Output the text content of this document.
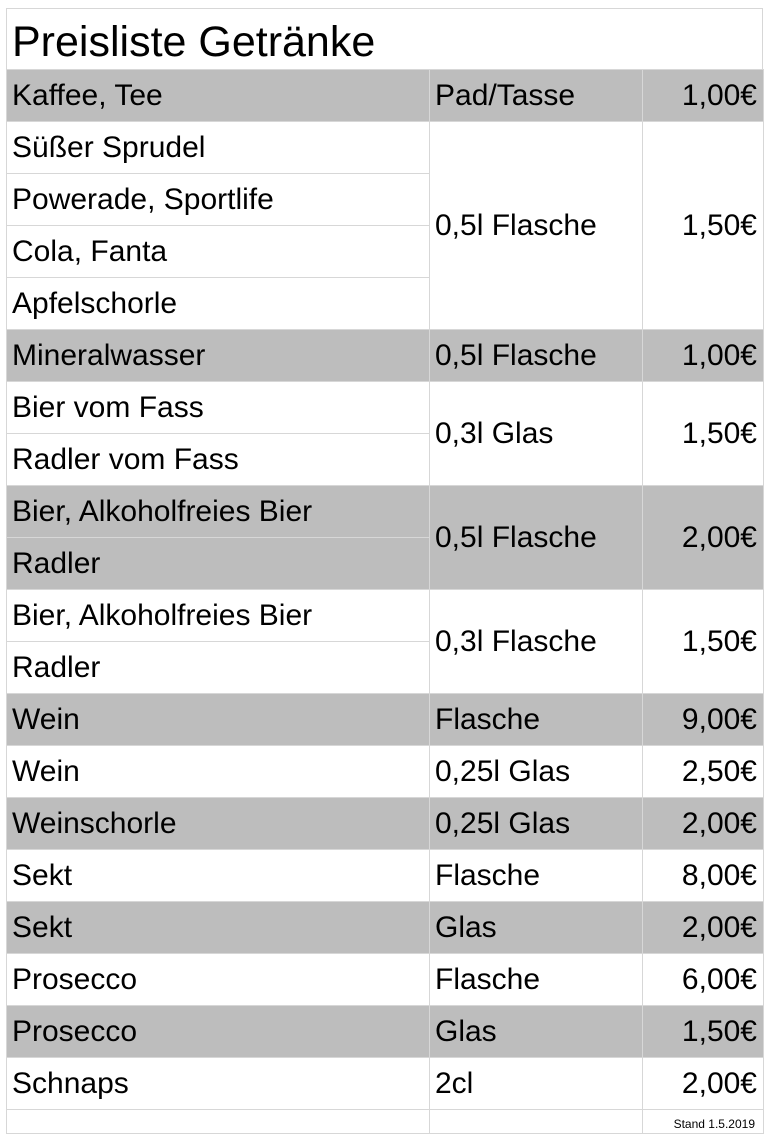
Preisliste Getränke
Kaffee, Tee	Pad/Tasse	1,00€
Süßer Sprudel	0,5l Flasche	1,50€
Powerade, Sportlife		
Cola, Fanta		
Apfelschorle		
Mineralwasser	0,5l Flasche	1,00€
Bier vom Fass	0,3l Glas	1,50€
Radler vom Fass		
Bier, Alkoholfreies Bier	0,5l Flasche	2,00€
Radler		
Bier, Alkoholfreies Bier	0,3l Flasche	1,50€
Radler		
Wein	Flasche	9,00€
Wein	0,25l Glas	2,50€
Weinschorle	0,25l Glas	2,00€
Sekt	Flasche	8,00€
Sekt	Glas	2,00€
Prosecco	Flasche	6,00€
Prosecco	Glas	1,50€
Schnaps	2cl	2,00€
		Stand 1.5.2019
